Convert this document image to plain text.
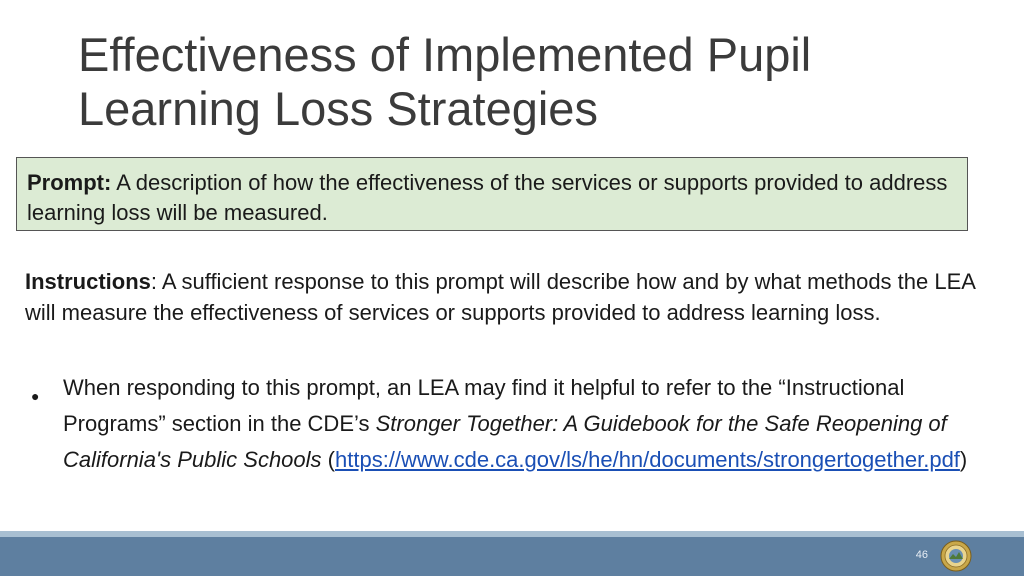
Effectiveness of Implemented Pupil
Learning Loss Strategies
Prompt: A description of how the effectiveness of the services or supports provided to address learning loss will be measured.
Instructions: A sufficient response to this prompt will describe how and by what methods the LEA will measure the effectiveness of services or supports provided to address learning loss.
● When responding to this prompt, an LEA may find it helpful to refer to the “Instructional Programs” section in the CDE’s Stronger Together: A Guidebook for the Safe Reopening of California's Public Schools (https://www.cde.ca.gov/ls/he/hn/documents/strongertogether.pdf)
46
